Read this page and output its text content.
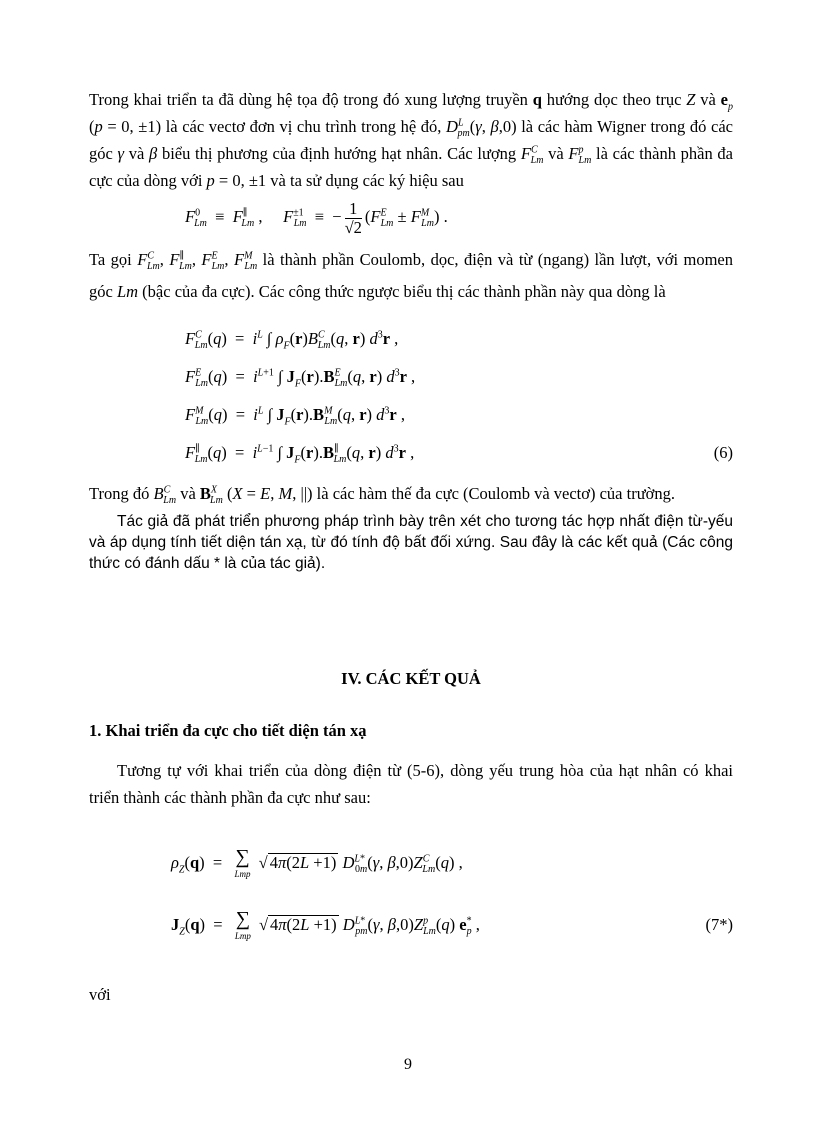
Trong khai triển ta đã dùng hệ tọa độ trong đó xung lượng truyền q hướng dọc theo trục Z và $e_p$ (p = 0, ±1) là các vectơ đơn vị chu trình trong hệ đó, $D^L_{pm}(\gamma$, β,0) là các hàm Wigner trong đó các góc γ và β biểu thị phương của định hướng hạt nhân. Các lượng $F^C_{Lm}$ và $F^p_{Lm}$ là các thành phần đa cực của dòng với p = 0, ±1 và ta sử dụng các ký hiệu sau

$F^0_{Lm} \equiv F^\parallel_{Lm}$ ,     $F^{\pm 1}_{Lm}$  ≡  − $\frac{1}{√2} (F^E_{Lm} \pm F^M_{Lm})$ .

Ta gọi $F^C_{Lm}$, $F^\parallel_{Lm}$, $F^E_{Lm}$, $F^M_{Lm}$ là thành phần Coulomb, dọc, điện và từ (ngang) lần lượt, với momen góc Lm (bậc của đa cực). Các công thức ngược biểu thị các thành phần này qua dòng là

$F^C_{Lm}(q) = i^L$ ∫ $\rho_F(r)B^C_{Lm}(q$, r) $d^3r$ ,
$F^E_{Lm}(q) = i^{L+1}$ ∫ $J_F(r).B^E_{Lm}(q$, r) $d^3r$ ,
$F^M_{Lm}(q) = i^L$ ∫ $J_F(r).B^M_{Lm}(q$, r) $d^3r$ ,
$F^\parallel_{Lm}(q) = i^{L-1}$ ∫ $J_F(r).B^\parallel_{Lm}(q$, r) $d^3r$ ,	(6)

Trong đó $B^C_{Lm}$ và $B^X_{Lm}$ (X = E, M, ||) là các hàm thế đa cực (Coulomb và vectơ) của trường.

Tác giả đã phát triển phương pháp trình bày trên xét cho tương tác hợp nhất điện từ-yếu và áp dụng tính tiết diện tán xạ, từ đó tính độ bất đối xứng. Sau đây là các kết quả (Các công thức có đánh dấu * là của tác giả).

IV. CÁC KẾT QUẢ
1. Khai triển đa cực cho tiết diện tán xạ

Tương tự với khai triển của dòng điện từ (5-6), dòng yếu trung hòa của hạt nhân có khai triển thành các thành phần đa cực như sau:

$\rho_Z(q)$  = ∑
Lmp
√ 4π(2L +1) $D^{L*}_{0m}(\gamma$, $\beta,0)Z^C_{Lm}(q)$ ,
$J_Z(q)$  = ∑
Lmp
√ 4π(2L +1) $D^{L*}_{pm}(\gamma$, $\beta,0)Z^p_{Lm}(q)$ $e^*_p$ ,	(7*)

với

9
